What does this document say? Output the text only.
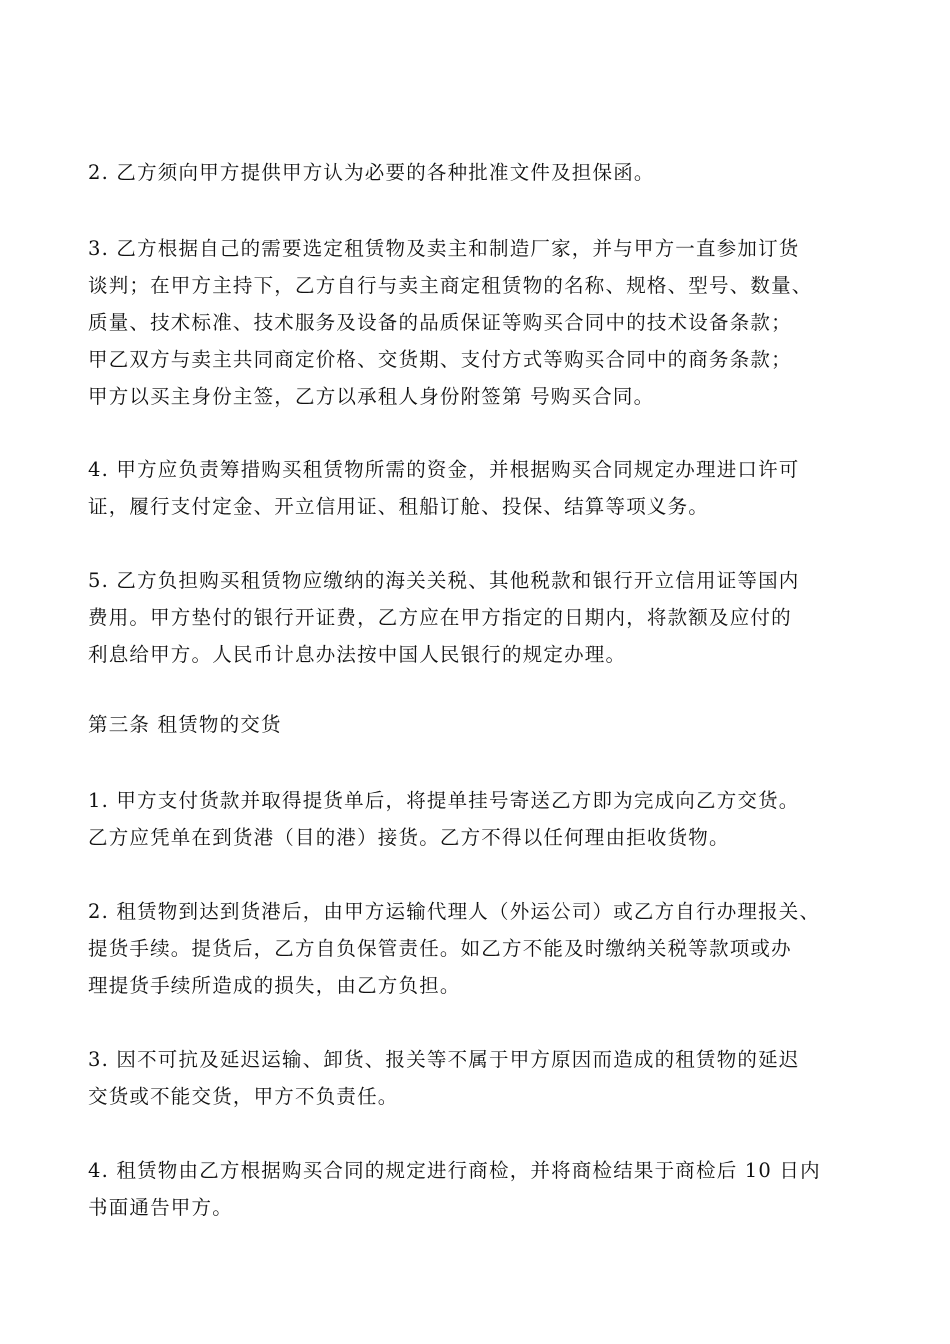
2. 乙方须向甲方提供甲方认为必要的各种批准文件及担保函。
3. 乙方根据自己的需要选定租赁物及卖主和制造厂家，并与甲方一直参加订货
谈判；在甲方主持下，乙方自行与卖主商定租赁物的名称、规格、型号、数量、
质量、技术标准、技术服务及设备的品质保证等购买合同中的技术设备条款；
甲乙双方与卖主共同商定价格、交货期、支付方式等购买合同中的商务条款；
甲方以买主身份主签，乙方以承租人身份附签第 号购买合同。
4. 甲方应负责筹措购买租赁物所需的资金，并根据购买合同规定办理进口许可
证，履行支付定金、开立信用证、租船订舱、投保、结算等项义务。
5. 乙方负担购买租赁物应缴纳的海关关税、其他税款和银行开立信用证等国内
费用。甲方垫付的银行开证费，乙方应在甲方指定的日期内，将款额及应付的
利息给甲方。人民币计息办法按中国人民银行的规定办理。
第三条 租赁物的交货
1. 甲方支付货款并取得提货单后，将提单挂号寄送乙方即为完成向乙方交货。
乙方应凭单在到货港（目的港）接货。乙方不得以任何理由拒收货物。
2. 租赁物到达到货港后，由甲方运输代理人（外运公司）或乙方自行办理报关、
提货手续。提货后，乙方自负保管责任。如乙方不能及时缴纳关税等款项或办
理提货手续所造成的损失，由乙方负担。
3. 因不可抗及延迟运输、卸货、报关等不属于甲方原因而造成的租赁物的延迟
交货或不能交货，甲方不负责任。
4. 租赁物由乙方根据购买合同的规定进行商检，并将商检结果于商检后 10 日内
书面通告甲方。
